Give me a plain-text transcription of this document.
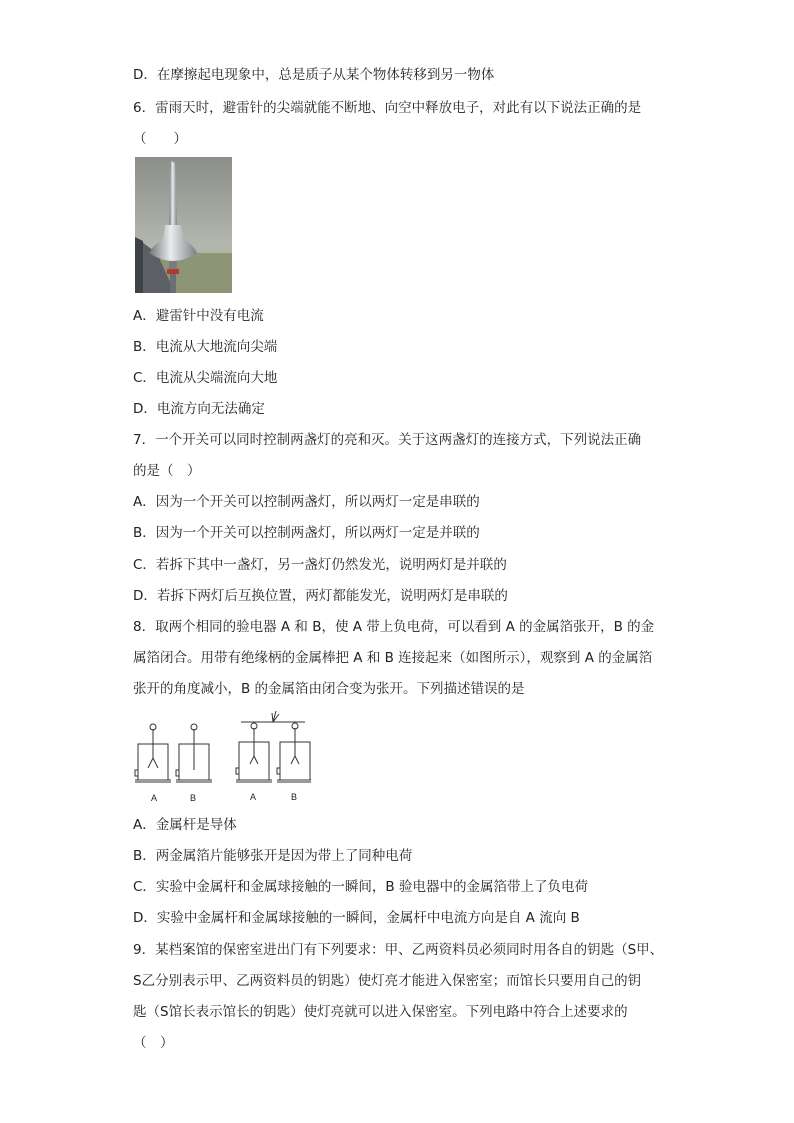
D．在摩擦起电现象中，总是质子从某个物体转移到另一物体
6．雷雨天时，避雷针的尖端就能不断地、向空中释放电子，对此有以下说法正确的是
（　　）
A．避雷针中没有电流
B．电流从大地流向尖端
C．电流从尖端流向大地
D．电流方向无法确定
7．一个开关可以同时控制两盏灯的亮和灭。关于这两盏灯的连接方式，下列说法正确
的是（　）
A．因为一个开关可以控制两盏灯，所以两灯一定是串联的
B．因为一个开关可以控制两盏灯，所以两灯一定是并联的
C．若拆下其中一盏灯，另一盏灯仍然发光，说明两灯是并联的
D．若拆下两灯后互换位置，两灯都能发光，说明两灯是串联的
8．取两个相同的验电器 A 和 B，使 A 带上负电荷，可以看到 A 的金属箔张开，B 的金
属箔闭合。用带有绝缘柄的金属棒把 A 和 B 连接起来（如图所示），观察到 A 的金属箔
张开的角度减小，B 的金属箔由闭合变为张开。下列描述错误的是
A．金属杆是导体
B．两金属箔片能够张开是因为带上了同种电荷
C．实验中金属杆和金属球接触的一瞬间，B 验电器中的金属箔带上了负电荷
D．实验中金属杆和金属球接触的一瞬间，金属杆中电流方向是自 A 流向 B
9．某档案馆的保密室进出门有下列要求：甲、乙两资料员必须同时用各自的钥匙（S甲、
S乙分别表示甲、乙两资料员的钥匙）使灯亮才能进入保密室；而馆长只要用自己的钥
匙（S馆长表示馆长的钥匙）使灯亮就可以进入保密室。下列电路中符合上述要求的
（　）
A	B	A	B
